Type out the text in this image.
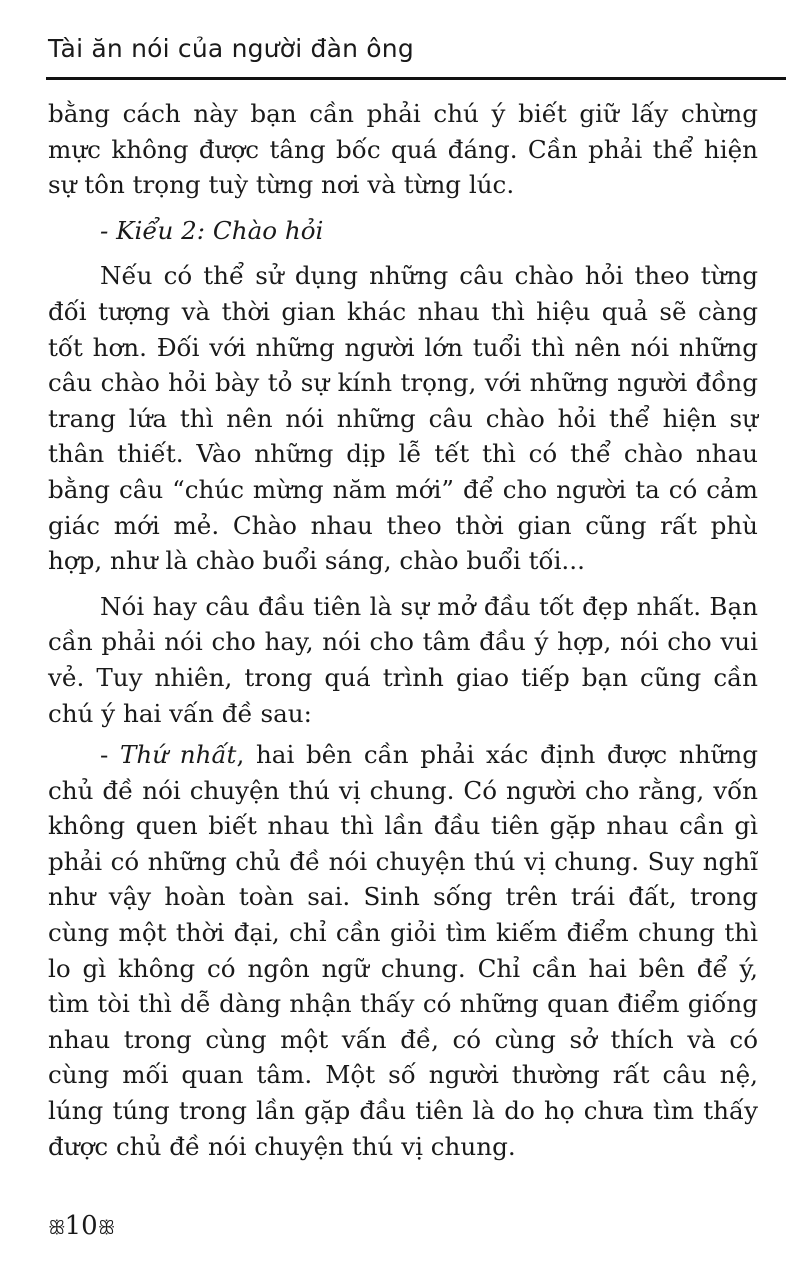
Tài ăn nói của người đàn ông

bằng cách này bạn cần phải chú ý biết giữ lấy chừng mực không được tâng bốc quá đáng. Cần phải thể hiện sự tôn trọng tuỳ từng nơi và từng lúc.

- Kiểu 2: Chào hỏi

Nếu có thể sử dụng những câu chào hỏi theo từng đối tượng và thời gian khác nhau thì hiệu quả sẽ càng tốt hơn. Đối với những người lớn tuổi thì nên nói những câu chào hỏi bày tỏ sự kính trọng, với những người đồng trang lứa thì nên nói những câu chào hỏi thể hiện sự thân thiết. Vào những dịp lễ tết thì có thể chào nhau bằng câu “chúc mừng năm mới” để cho người ta có cảm giác mới mẻ. Chào nhau theo thời gian cũng rất phù hợp, như là chào buổi sáng, chào buổi tối...

Nói hay câu đầu tiên là sự mở đầu tốt đẹp nhất. Bạn cần phải nói cho hay, nói cho tâm đầu ý hợp, nói cho vui vẻ. Tuy nhiên, trong quá trình giao tiếp bạn cũng cần chú ý hai vấn đề sau:

- Thứ nhất, hai bên cần phải xác định được những chủ đề nói chuyện thú vị chung. Có người cho rằng, vốn không quen biết nhau thì lần đầu tiên gặp nhau cần gì phải có những chủ đề nói chuyện thú vị chung. Suy nghĩ như vậy hoàn toàn sai. Sinh sống trên trái đất, trong cùng một thời đại, chỉ cần giỏi tìm kiếm điểm chung thì lo gì không có ngôn ngữ chung. Chỉ cần hai bên để ý, tìm tòi thì dễ dàng nhận thấy có những quan điểm giống nhau trong cùng một vấn đề, có cùng sở thích và có cùng mối quan tâm. Một số người thường rất câu nệ, lúng túng trong lần gặp đầu tiên là do họ chưa tìm thấy được chủ đề nói chuyện thú vị chung.

ꕥ10ꕥ
